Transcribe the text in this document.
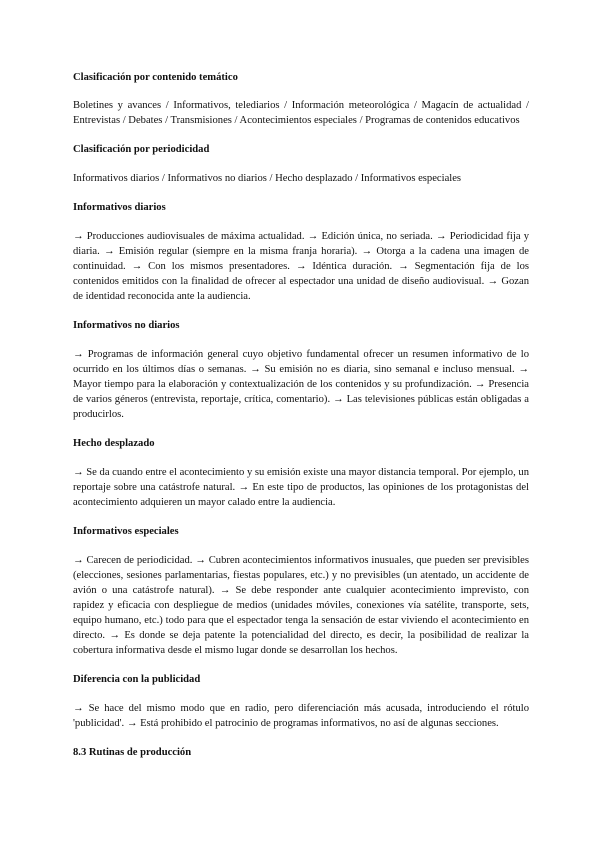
Clasificación por contenido temático

Boletines y avances / Informativos, telediarios / Información meteorológica / Magacín de actualidad / Entrevistas / Debates / Transmisiones / Acontecimientos especiales / Programas de contenidos educativos

Clasificación por periodicidad

Informativos diarios / Informativos no diarios / Hecho desplazado / Informativos especiales

Informativos diarios

→ Producciones audiovisuales de máxima actualidad. → Edición única, no seriada. → Periodicidad fija y diaria. → Emisión regular (siempre en la misma franja horaria). → Otorga a la cadena una imagen de continuidad. → Con los mismos presentadores. → Idéntica duración. → Segmentación fija de los contenidos emitidos con la finalidad de ofrecer al espectador una unidad de diseño audiovisual. → Gozan de identidad reconocida ante la audiencia.

Informativos no diarios

→ Programas de información general cuyo objetivo fundamental ofrecer un resumen informativo de lo ocurrido en los últimos días o semanas. → Su emisión no es diaria, sino semanal e incluso mensual. → Mayor tiempo para la elaboración y contextualización de los contenidos y su profundización. → Presencia de varios géneros (entrevista, reportaje, crítica, comentario). → Las televisiones públicas están obligadas a producirlos.

Hecho desplazado

→ Se da cuando entre el acontecimiento y su emisión existe una mayor distancia temporal. Por ejemplo, un reportaje sobre una catástrofe natural. → En este tipo de productos, las opiniones de los protagonistas del acontecimiento adquieren un mayor calado entre la audiencia.

Informativos especiales

→ Carecen de periodicidad. → Cubren acontecimientos informativos inusuales, que pueden ser previsibles (elecciones, sesiones parlamentarias, fiestas populares, etc.) y no previsibles (un atentado, un accidente de avión o una catástrofe natural). → Se debe responder ante cualquier acontecimiento imprevisto, con rapidez y eficacia con despliegue de medios (unidades móviles, conexiones vía satélite, transporte, sets, equipo humano, etc.) todo para que el espectador tenga la sensación de estar viviendo el acontecimiento en directo. → Es donde se deja patente la potencialidad del directo, es decir, la posibilidad de realizar la cobertura informativa desde el mismo lugar donde se desarrollan los hechos.

Diferencia con la publicidad

→ Se hace del mismo modo que en radio, pero diferenciación más acusada, introduciendo el rótulo 'publicidad'. → Está prohibido el patrocinio de programas informativos, no así de algunas secciones.

8.3 Rutinas de producción
